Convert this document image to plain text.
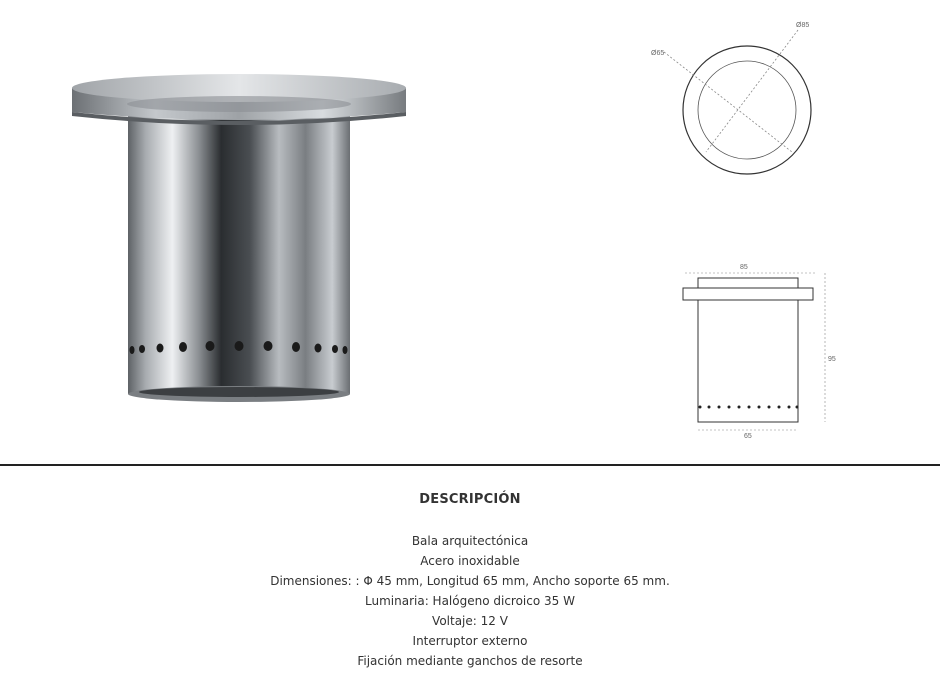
Ø85
Ø65
85
95
65

DESCRIPCIÓN

Bala arquitectónica

Acero inoxidable

Dimensiones: : Φ 45 mm, Longitud 65 mm, Ancho soporte 65 mm.

Luminaria: Halógeno dicroico 35 W

Voltaje: 12 V

Interruptor externo

Fijación mediante ganchos de resorte
